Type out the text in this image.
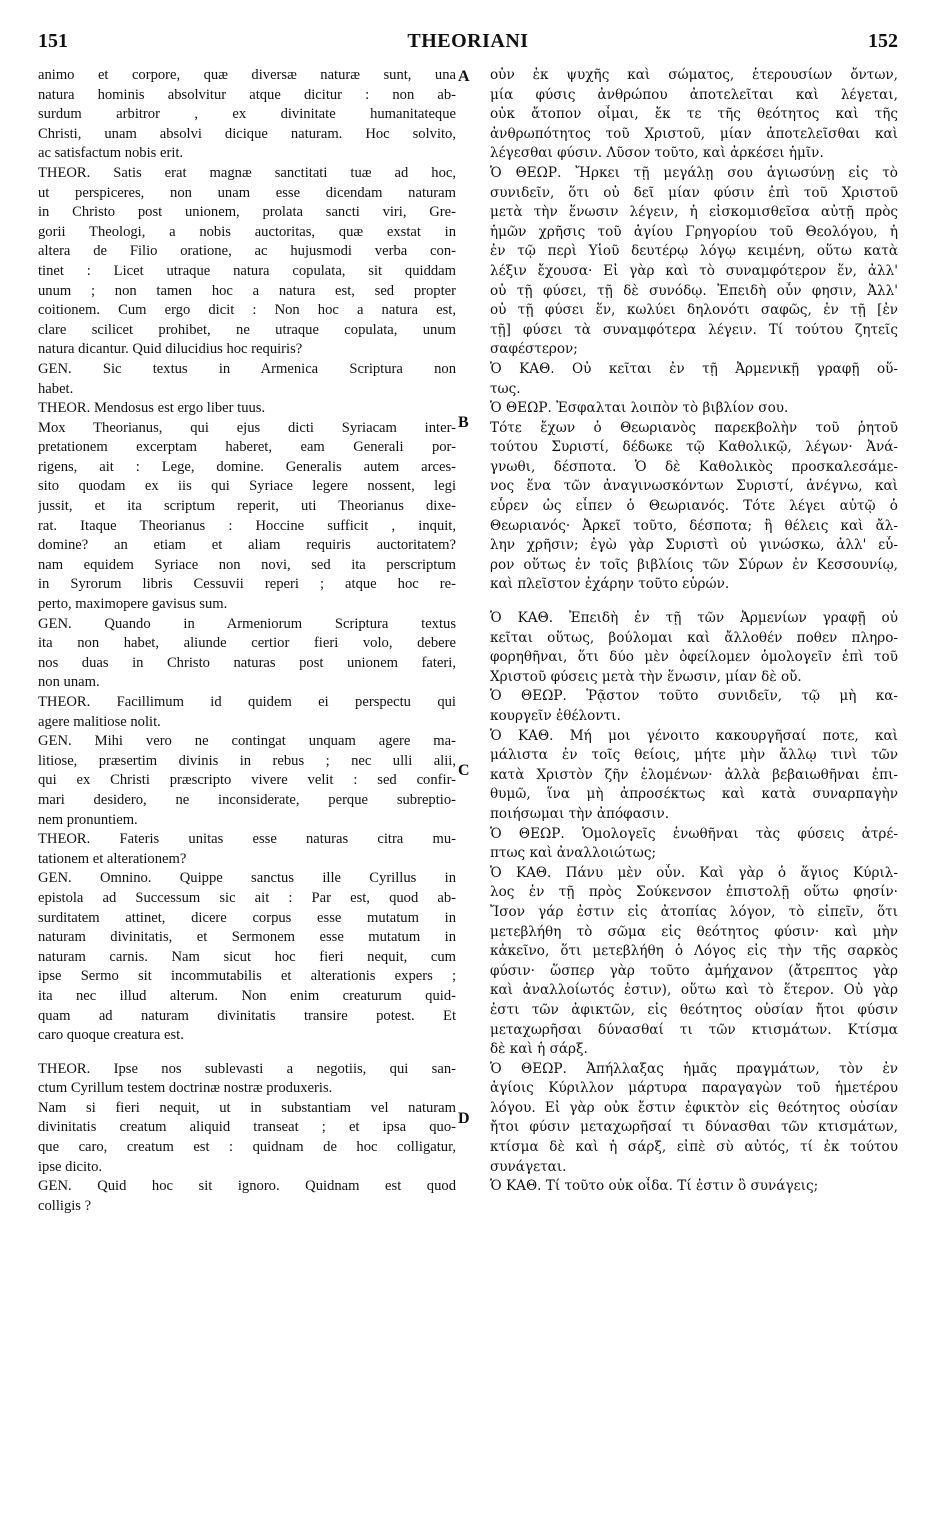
151	THEORIANI	152
A
B
C
D
animo et corpore, quæ diversæ naturæ sunt, una
natura hominis absolvitur atque dicitur : non ab-
surdum arbitror , ex divinitate humanitateque
Christi, unam absolvi dicique naturam. Hoc solvito,
ac satisfactum nobis erit.
THEOR. Satis erat magnæ sanctitati tuæ ad hoc,
ut perspiceres, non unam esse dicendam naturam
in Christo post unionem, prolata sancti viri, Gre-
gorii Theologi, a nobis auctoritas, quæ exstat in
altera de Filio oratione, ac hujusmodi verba con-
tinet : Licet utraque natura copulata, sit quiddam
unum ; non tamen hoc a natura est, sed propter
coitionem. Cum ergo dicit : Non hoc a natura est,
clare scilicet prohibet, ne utraque copulata, unum
natura dicantur. Quid dilucidius hoc requiris?
GEN. Sic textus in Armenica Scriptura non
habet.
THEOR. Mendosus est ergo liber tuus.
Mox Theorianus, qui ejus dicti Syriacam inter-
pretationem excerptam haberet, eam Generali por-
rigens, ait : Lege, domine. Generalis autem arces-
sito quodam ex iis qui Syriace legere nossent, legi
jussit, et ita scriptum reperit, uti Theorianus dixe-
rat. Itaque Theorianus : Hoccine sufficit , inquit,
domine? an etiam et aliam requiris auctoritatem?
nam equidem Syriace non novi, sed ita perscriptum
in Syrorum libris Cessuvii reperi ; atque hoc re-
perto, maximopere gavisus sum.
GEN. Quando in Armeniorum Scriptura textus
ita non habet, aliunde certior fieri volo, debere
nos duas in Christo naturas post unionem fateri,
non unam.
THEOR. Facillimum id quidem ei perspectu qui
agere malitiose nolit.
GEN. Mihi vero ne contingat unquam agere ma-
litiose, præsertim divinis in rebus ; nec ulli alii,
qui ex Christi præscripto vivere velit : sed confir-
mari desidero, ne inconsiderate, perque subreptio-
nem pronuntiem.
THEOR. Fateris unitas esse naturas citra mu-
tationem et alterationem?
GEN. Omnino. Quippe sanctus ille Cyrillus in
epistola ad Successum sic ait : Par est, quod ab-
surditatem attinet, dicere corpus esse mutatum in
naturam divinitatis, et Sermonem esse mutatum in
naturam carnis. Nam sicut hoc fieri nequit, cum
ipse Sermo sit incommutabilis et alterationis expers ;
ita nec illud alterum. Non enim creaturum quid-
quam ad naturam divinitatis transire potest. Et
caro quoque creatura est.
THEOR. Ipse nos sublevasti a negotiis, qui san-
ctum Cyrillum testem doctrinæ nostræ produxeris.
Nam si fieri nequit, ut in substantiam vel naturam
divinitatis creatum aliquid transeat ; et ipsa quo-
que caro, creatum est : quidnam de hoc colligatur,
ipse dicito.
GEN. Quid hoc sit ignoro. Quidnam est quod
colligis ?
οὐν ἐκ ψυχῆς καὶ σώματος, ἑτερουσίων ὄντων,
μία φύσις ἀνθρώπου ἀποτελεῖται καὶ λέγεται,
οὐκ ἄτοπον οἶμαι, ἔκ τε τῆς θεότητος καὶ τῆς
ἀνθρωπότητος τοῦ Χριστοῦ, μίαν ἀποτελεῖσθαι καὶ
λέγεσθαι φύσιν. Λῦσον τοῦτο, καὶ ἀρκέσει ἡμῖν.
Ὁ ΘΕΩΡ. Ἤρκει τῇ μεγάλῃ σου ἁγιωσύνῃ εἰς τὸ
συνιδεῖν, ὅτι οὐ δεῖ μίαν φύσιν ἐπὶ τοῦ Χριστοῦ
μετὰ τὴν ἕνωσιν λέγειν, ἡ εἰσκομισθεῖσα αὐτῇ πρὸς
ἡμῶν χρῆσις τοῦ ἁγίου Γρηγορίου τοῦ Θεολόγου, ἡ
ἐν τῷ περὶ Υἱοῦ δευτέρῳ λόγῳ κειμένη, οὕτω κατὰ
λέξιν ἔχουσα· Εἰ γὰρ καὶ τὸ συναμφότερον ἕν, ἀλλ'
οὐ τῇ φύσει, τῇ δὲ συνόδῳ. Ἐπειδὴ οὖν φησιν, Ἀλλ'
οὐ τῇ φύσει ἕν, κωλύει δηλονότι σαφῶς, ἐν τῇ [ἐν
τῇ] φύσει τὰ συναμφότερα λέγειν. Τί τούτου ζητεῖς
σαφέστερον;
Ὁ ΚΑΘ. Οὐ κεῖται ἐν τῇ Ἀρμενικῇ γραφῇ οὕ-
τως.
Ὁ ΘΕΩΡ. Ἐσφαλται λοιπὸν τὸ βιβλίον σου.
Τότε ἔχων ὁ Θεωριανὸς παρεκβολὴν τοῦ ῥητοῦ
τούτου Συριστί, δέδωκε τῷ Καθολικῷ, λέγων· Ἀνά-
γνωθι, δέσποτα. Ὁ δὲ Καθολικὸς προσκαλεσάμε-
νος ἕνα τῶν ἀναγινωσκόντων Συριστί, ἀνέγνω, καὶ
εὗρεν ὡς εἶπεν ὁ Θεωριανός. Τότε λέγει αὐτῷ ὁ
Θεωριανός· Ἀρκεῖ τοῦτο, δέσποτα; ἢ θέλεις καὶ ἄλ-
λην χρῆσιν; ἐγὼ γὰρ Συριστὶ οὐ γινώσκω, ἀλλ' εὗ-
ρον οὕτως ἐν τοῖς βιβλίοις τῶν Σύρων ἐν Κεσσουνίῳ,
καὶ πλεῖστον ἐχάρην τοῦτο εὑρών.
Ὁ ΚΑΘ. Ἐπειδὴ ἐν τῇ τῶν Ἀρμενίων γραφῇ οὐ
κεῖται οὕτως, βούλομαι καὶ ἄλλοθέν ποθεν πληρο-
φορηθῆναι, ὅτι δύο μὲν ὀφείλομεν ὁμολογεῖν ἐπὶ τοῦ
Χριστοῦ φύσεις μετὰ τὴν ἕνωσιν, μίαν δὲ οὔ.
Ὁ ΘΕΩΡ. Ῥᾷστον τοῦτο συνιδεῖν, τῷ μὴ κα-
κουργεῖν ἐθέλοντι.
Ὁ ΚΑΘ. Μή μοι γένοιτο κακουργῆσαί ποτε, καὶ
μάλιστα ἐν τοῖς θείοις, μήτε μὴν ἄλλῳ τινὶ τῶν
κατὰ Χριστὸν ζῆν ἑλομένων· ἀλλὰ βεβαιωθῆναι ἐπι-
θυμῶ, ἵνα μὴ ἀπροσέκτως καὶ κατὰ συναρπαγὴν
ποιήσωμαι τὴν ἀπόφασιν.
Ὁ ΘΕΩΡ. Ὁμολογεῖς ἑνωθῆναι τὰς φύσεις ἀτρέ-
πτως καὶ ἀναλλοιώτως;
Ὁ ΚΑΘ. Πάνυ μὲν οὖν. Καὶ γὰρ ὁ ἅγιος Κύριλ-
λος ἐν τῇ πρὸς Σούκενσον ἐπιστολῇ οὕτω φησίν·
Ἴσον γάρ ἐστιν εἰς ἀτοπίας λόγον, τὸ εἰπεῖν, ὅτι
μετεβλήθη τὸ σῶμα εἰς θεότητος φύσιν· καὶ μὴν
κἀκεῖνο, ὅτι μετεβλήθη ὁ Λόγος εἰς τὴν τῆς σαρκὸς
φύσιν· ὥσπερ γὰρ τοῦτο ἀμήχανον (ἄτρεπτος γὰρ
καὶ ἀναλλοίωτός ἐστιν), οὕτω καὶ τὸ ἕτερον. Οὐ γὰρ
ἐστι τῶν ἀφικτῶν, εἰς θεότητος οὐσίαν ἤτοι φύσιν
μεταχωρῆσαι δύνασθαί τι τῶν κτισμάτων. Κτίσμα
δὲ καὶ ἡ σάρξ.
Ὁ ΘΕΩΡ. Ἀπήλλαξας ἡμᾶς πραγμάτων, τὸν ἐν
ἁγίοις Κύριλλον μάρτυρα παραγαγὼν τοῦ ἡμετέρου
λόγου. Εἰ γὰρ οὐκ ἔστιν ἐφικτὸν εἰς θεότητος οὐσίαν
ἤτοι φύσιν μεταχωρῆσαί τι δύνασθαι τῶν κτισμάτων,
κτίσμα δὲ καὶ ἡ σάρξ, εἰπὲ σὺ αὐτός, τί ἐκ τούτου
συνάγεται.
Ὁ ΚΑΘ. Τί τοῦτο οὐκ οἶδα. Τί ἐστιν ὃ συνάγεις;
